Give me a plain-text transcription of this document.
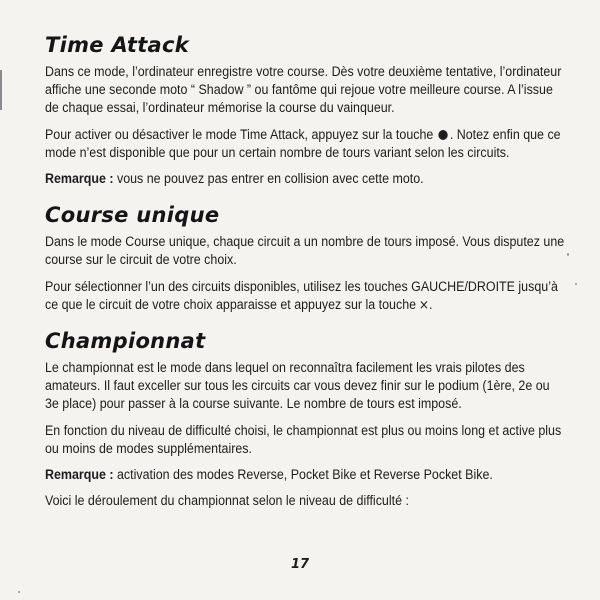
Time Attack

Dans ce mode, l’ordinateur enregistre votre course. Dès votre deuxième tentative, l’ordinateur affiche une seconde moto “ Shadow ” ou fantôme qui rejoue votre meilleure course. A l’issue de chaque essai, l’ordinateur mémorise la course du vainqueur.

Pour activer ou désactiver le mode Time Attack, appuyez sur la touche . Notez enfin que ce mode n’est disponible que pour un certain nombre de tours variant selon les circuits.

Remarque : vous ne pouvez pas entrer en collision avec cette moto.

Course unique

Dans le mode Course unique, chaque circuit a un nombre de tours imposé. Vous disputez une course sur le circuit de votre choix.

Pour sélectionner l’un des circuits disponibles, utilisez les touches GAUCHE/DROITE jusqu’à ce que le circuit de votre choix apparaisse et appuyez sur la touche ×.

Championnat

Le championnat est le mode dans lequel on reconnaîtra facilement les vrais pilotes des amateurs. Il faut exceller sur tous les circuits car vous devez finir sur le podium (1ère, 2e ou 3e place) pour passer à la course suivante. Le nombre de tours est imposé.

En fonction du niveau de difficulté choisi, le championnat est plus ou moins long et active plus ou moins de modes supplémentaires.

Remarque : activation des modes Reverse, Pocket Bike et Reverse Pocket Bike.

Voici le déroulement du championnat selon le niveau de difficulté :

17
